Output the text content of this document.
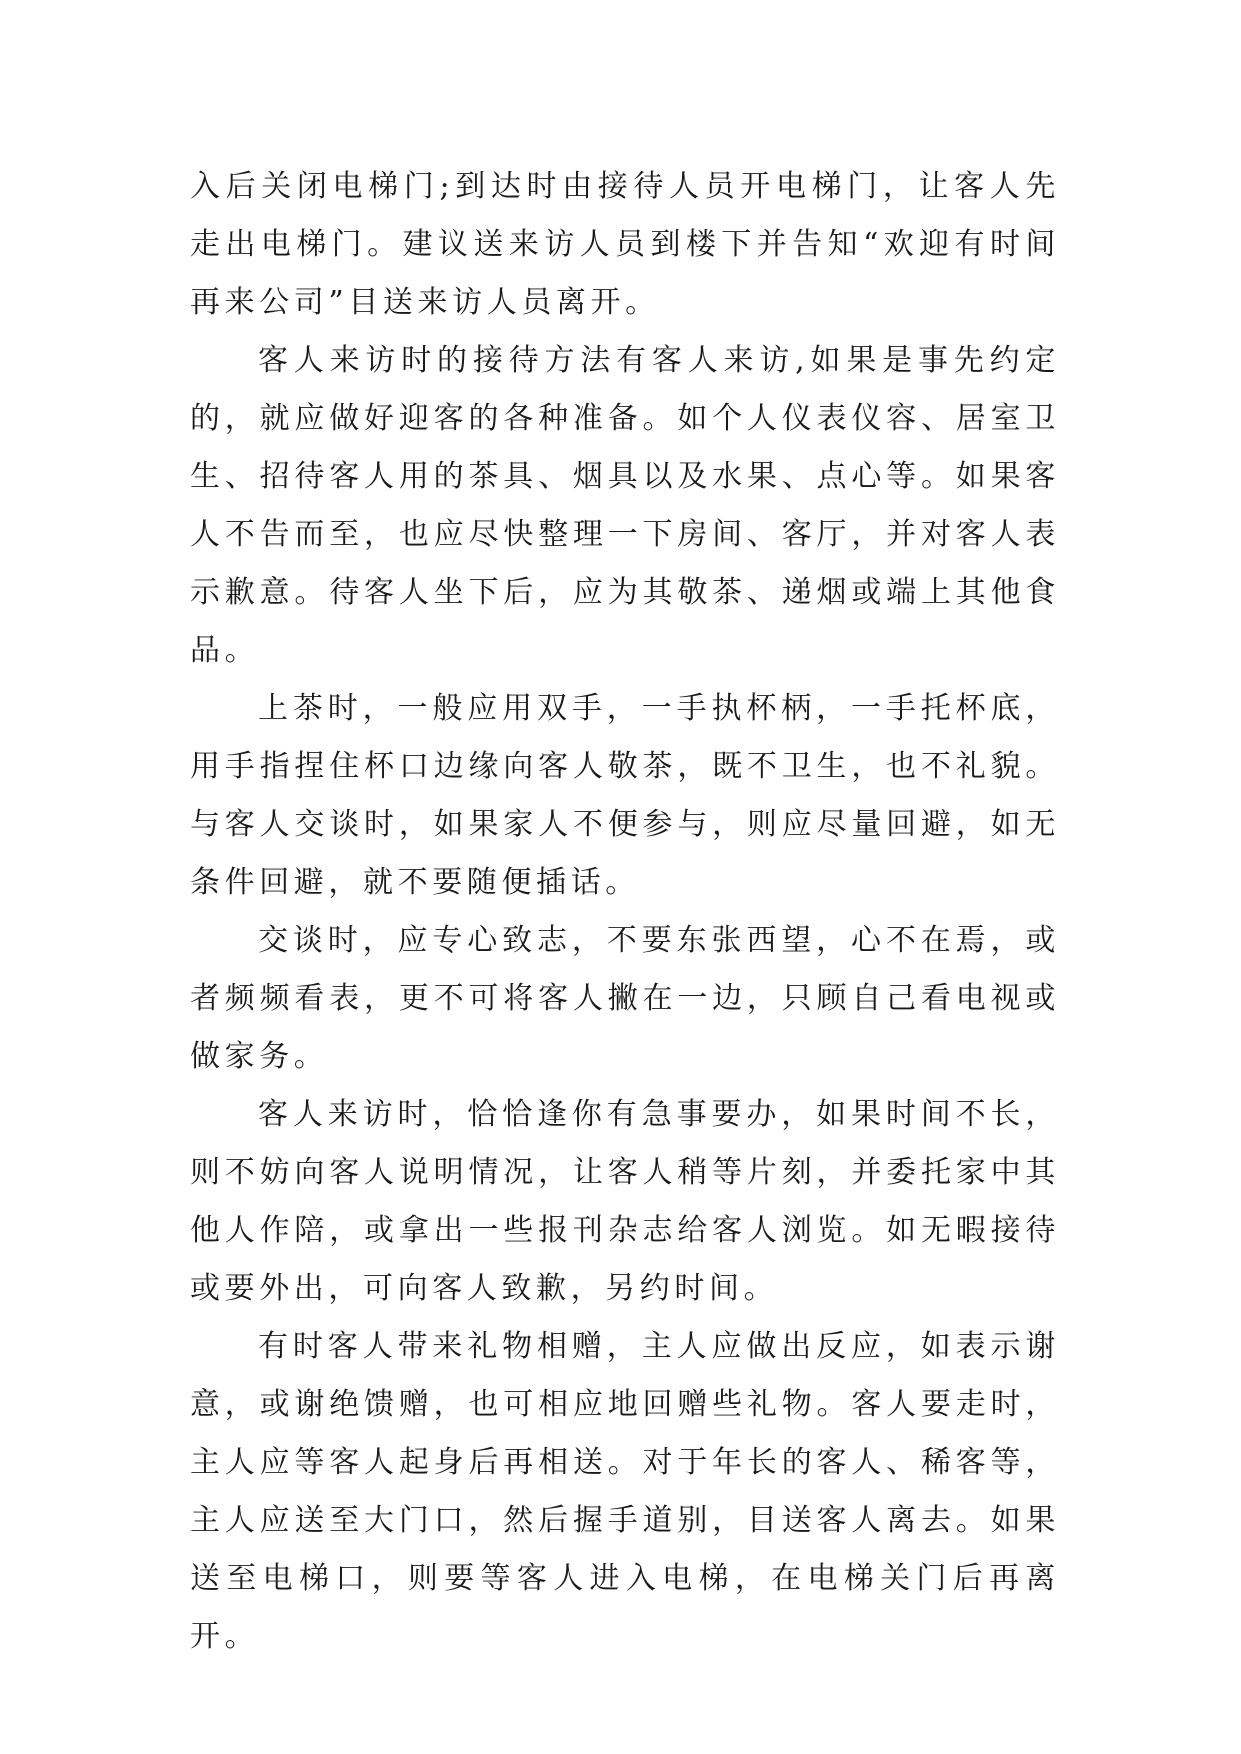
入后关闭电梯门;到达时由接待人员开电梯门，让客人先走出电梯门。建议送来访人员到楼下并告知“欢迎有时间再来公司”目送来访人员离开。

客人来访时的接待方法有客人来访,如果是事先约定的，就应做好迎客的各种准备。如个人仪表仪容、居室卫生、招待客人用的茶具、烟具以及水果、点心等。如果客人不告而至，也应尽快整理一下房间、客厅，并对客人表示歉意。待客人坐下后，应为其敬茶、递烟或端上其他食品。

上茶时，一般应用双手，一手执杯柄，一手托杯底，用手指捏住杯口边缘向客人敬茶，既不卫生，也不礼貌。与客人交谈时，如果家人不便参与，则应尽量回避，如无条件回避，就不要随便插话。

交谈时，应专心致志，不要东张西望，心不在焉，或者频频看表，更不可将客人撇在一边，只顾自己看电视或做家务。

客人来访时，恰恰逢你有急事要办，如果时间不长，则不妨向客人说明情况，让客人稍等片刻，并委托家中其他人作陪，或拿出一些报刊杂志给客人浏览。如无暇接待或要外出，可向客人致歉，另约时间。

有时客人带来礼物相赠，主人应做出反应，如表示谢意，或谢绝馈赠，也可相应地回赠些礼物。客人要走时，主人应等客人起身后再相送。对于年长的客人、稀客等，主人应送至大门口，然后握手道别，目送客人离去。如果送至电梯口，则要等客人进入电梯，在电梯关门后再离开。
